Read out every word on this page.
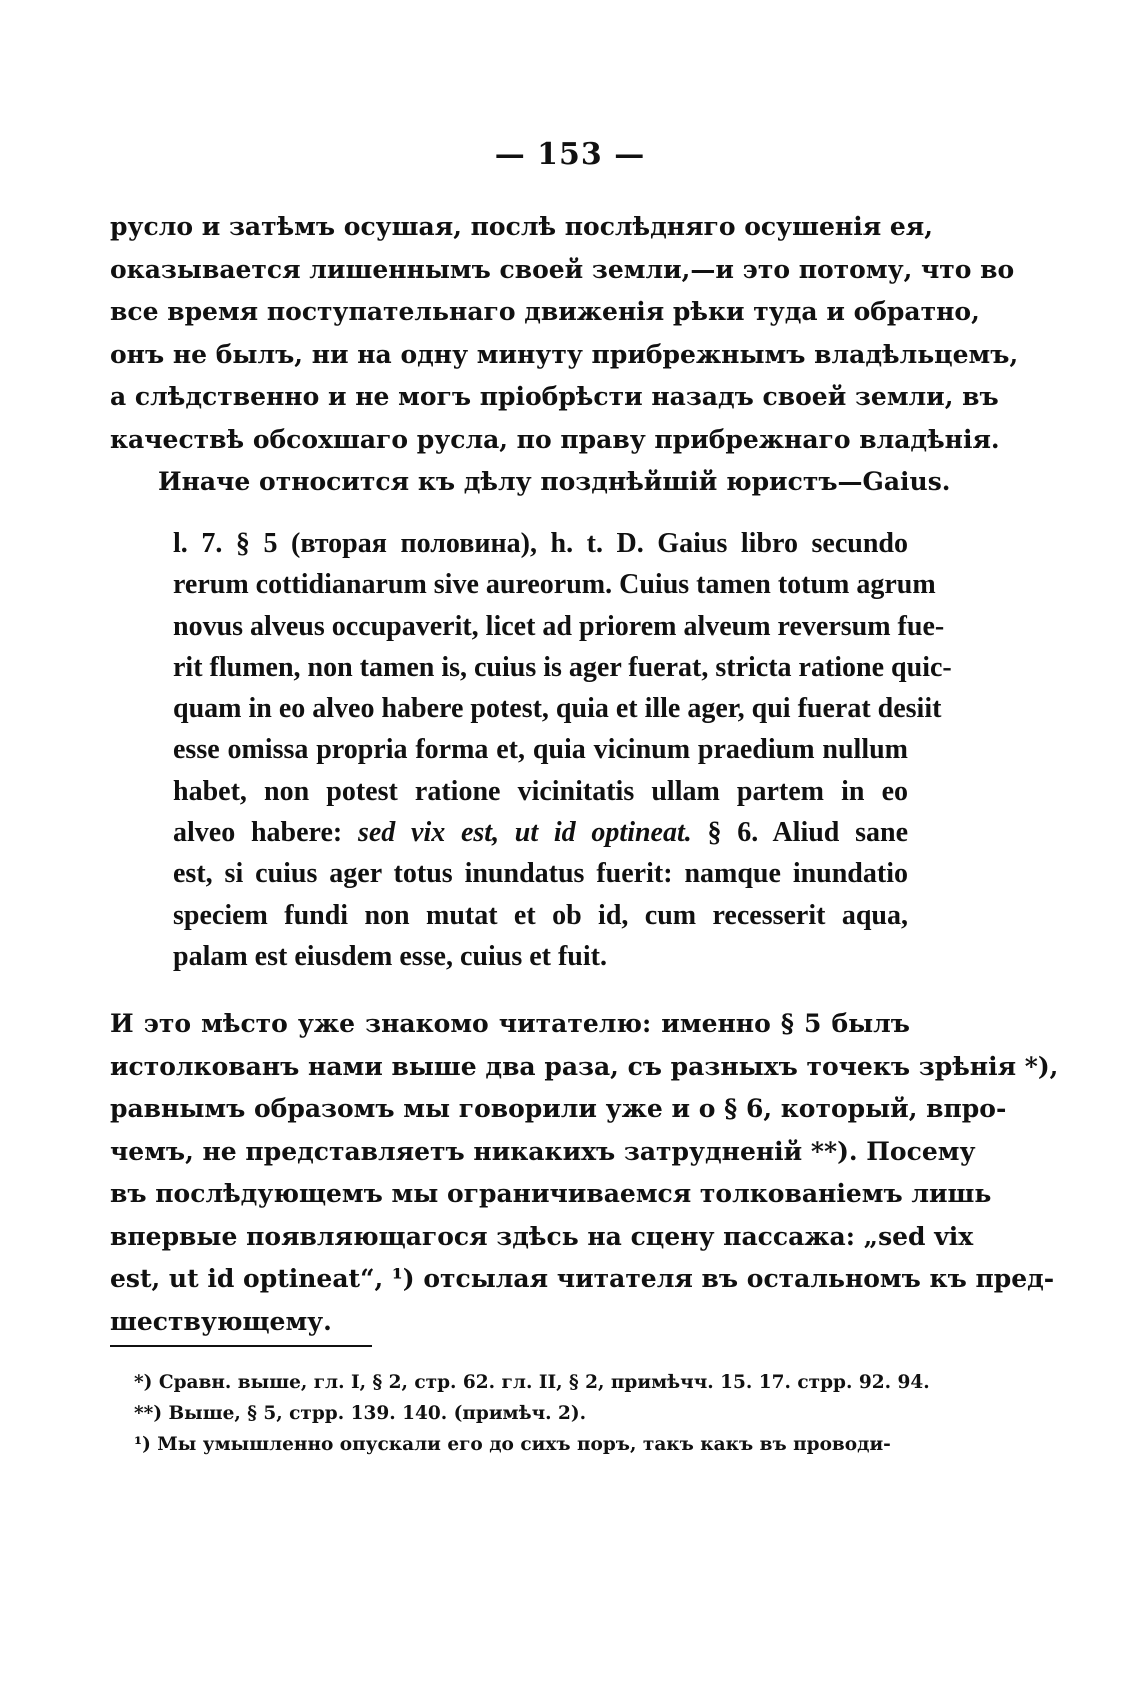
— 153 —
русло и затѣмъ осушая, послѣ послѣдняго осушенія ея,
оказывается лишеннымъ своей земли,—и это потому, что во
все время поступательнаго движенія рѣки туда и обратно,
онъ не былъ, ни на одну минуту прибрежнымъ владѣльцемъ,
а слѣдственно и не могъ пріобрѣсти назадъ своей земли, въ
качествѣ обсохшаго русла, по праву прибрежнаго владѣнія.
Иначе относится къ дѣлу позднѣйшій юристъ—Gaius.
l. 7. § 5 (вторая половина), h. t. D. Gaius libro secundo
rerum cottidianarum sive aureorum. Cuius tamen totum agrum
novus alveus occupaverit, licet ad priorem alveum reversum fue-
rit flumen, non tamen is, cuius is ager fuerat, stricta ratione quic-
quam in eo alveo habere potest, quia et ille ager, qui fuerat desiit
esse omissa propria forma et, quia vicinum praedium nullum
habet, non potest ratione vicinitatis ullam partem in eo
alveo habere: sed vix est, ut id optineat. § 6. Aliud sane
est, si cuius ager totus inundatus fuerit: namque inundatio
speciem fundi non mutat et ob id, cum recesserit aqua,
palam est eiusdem esse, cuius et fuit.
И это мѣсто уже знакомо читателю: именно § 5 былъ
истолкованъ нами выше два раза, съ разныхъ точекъ зрѣнія *),
равнымъ образомъ мы говорили уже и о § 6, который, впро-
чемъ, не представляетъ никакихъ затрудненій **). Посему
въ послѣдующемъ мы ограничиваемся толкованіемъ лишь
впервые появляющагося здѣсь на сцену пассажа: „sed vix
est, ut id optineat“, ¹) отсылая читателя въ остальномъ къ пред-
шествующему.
*) Сравн. выше, гл. I, § 2, стр. 62. гл. II, § 2, примѣчч. 15. 17. стрр. 92. 94.
**) Выше, § 5, стрр. 139. 140. (примѣч. 2).
¹) Мы умышленно опускали его до сихъ поръ, такъ какъ въ проводи-
